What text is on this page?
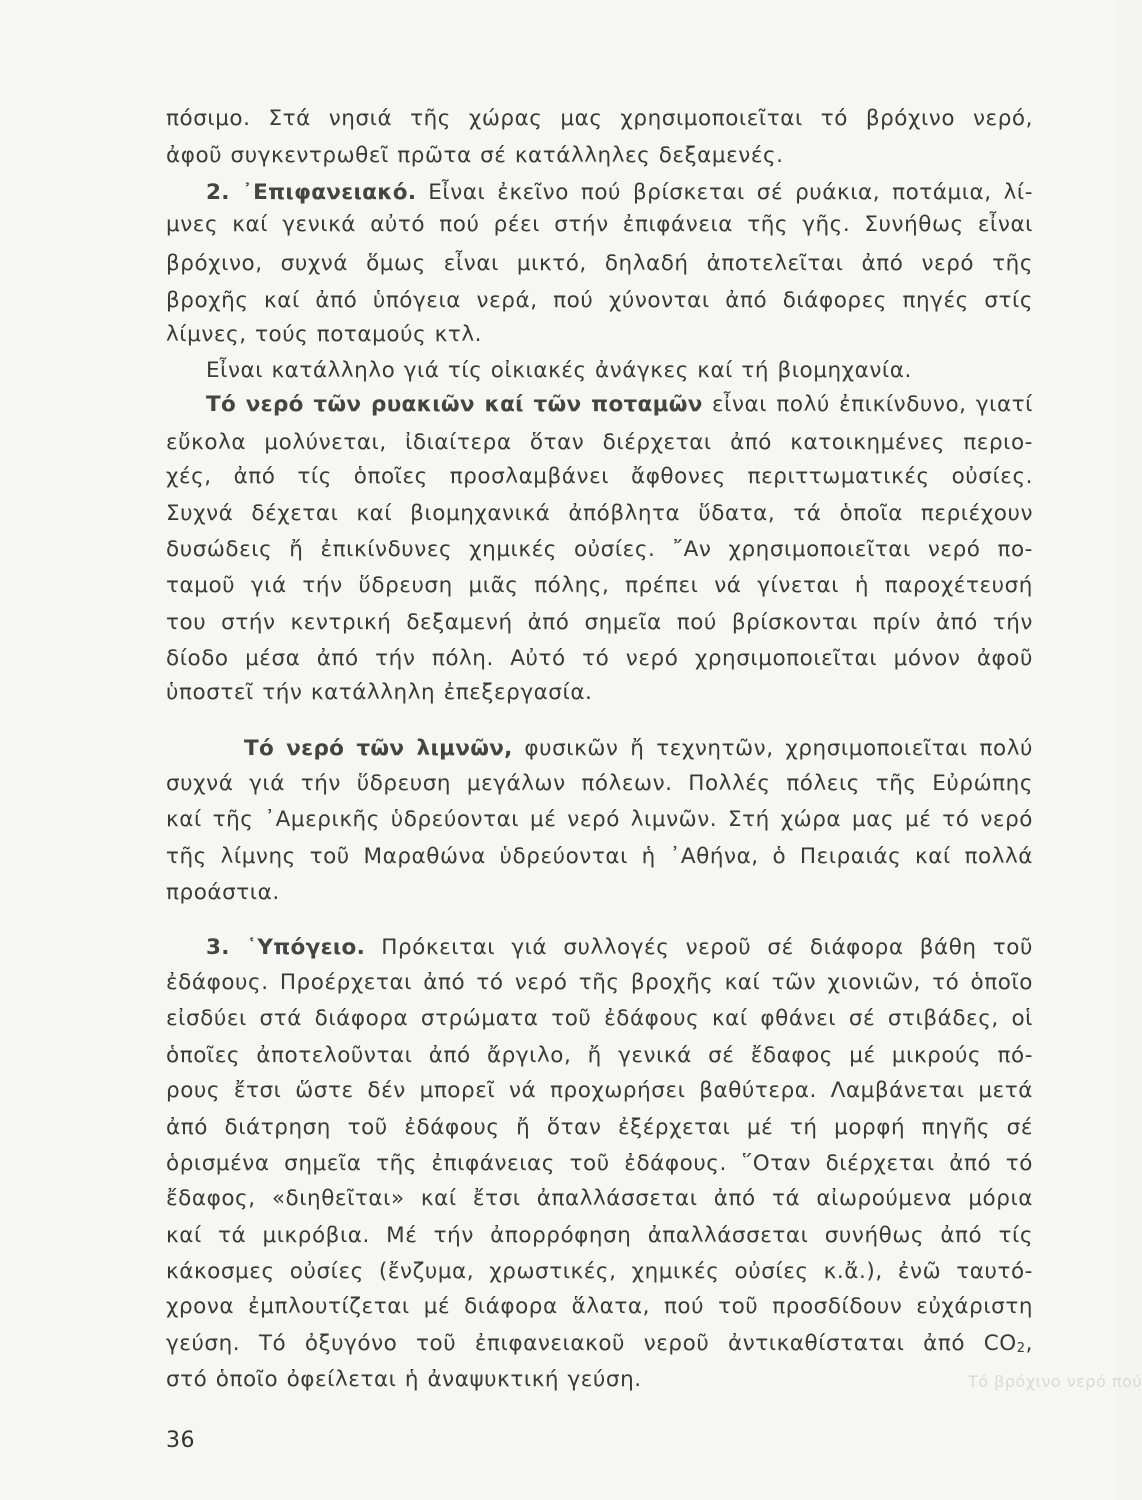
πόσιμο. Στά νησιά τῆς χώρας μας χρησιμοποιεῖται τό βρόχινο νερό,
ἀφοῦ συγκεντρωθεῖ πρῶτα σέ κατάλληλες δεξαμενές.
2. ᾽Επιφανειακό. Εἶναι ἐκεῖνο πού βρίσκεται σέ ρυάκια, ποτάμια, λί-
μνες καί γενικά αὐτό πού ρέει στήν ἐπιφάνεια τῆς γῆς. Συνήθως εἶναι
βρόχινο, συχνά ὅμως εἶναι μικτό, δηλαδή ἀποτελεῖται ἀπό νερό τῆς
βροχῆς καί ἀπό ὑπόγεια νερά, πού χύνονται ἀπό διάφορες πηγές στίς
λίμνες, τούς ποταμούς κτλ.
Εἶναι κατάλληλο γιά τίς οἰκιακές ἀνάγκες καί τή βιομηχανία.
Τό νερό τῶν ρυακιῶν καί τῶν ποταμῶν εἶναι πολύ ἐπικίνδυνο, γιατί
εὔκολα μολύνεται, ἰδιαίτερα ὅταν διέρχεται ἀπό κατοικημένες περιο-
χές, ἀπό τίς ὁποῖες προσλαμβάνει ἄφθονες περιττωματικές οὐσίες.
Συχνά δέχεται καί βιομηχανικά ἀπόβλητα ὕδατα, τά ὁποῖα περιέχουν
δυσώδεις ἤ ἐπικίνδυνες χημικές οὐσίες. ῎Αν χρησιμοποιεῖται νερό πο-
ταμοῦ γιά τήν ὕδρευση μιᾶς πόλης, πρέπει νά γίνεται ἡ παροχέτευσή
του στήν κεντρική δεξαμενή ἀπό σημεῖα πού βρίσκονται πρίν ἀπό τήν
δίοδο μέσα ἀπό τήν πόλη. Αὐτό τό νερό χρησιμοποιεῖται μόνον ἀφοῦ
ὑποστεῖ τήν κατάλληλη ἐπεξεργασία.
Τό νερό τῶν λιμνῶν, φυσικῶν ἤ τεχνητῶν, χρησιμοποιεῖται πολύ
συχνά γιά τήν ὕδρευση μεγάλων πόλεων. Πολλές πόλεις τῆς Εὐρώπης
καί τῆς ᾽Αμερικῆς ὑδρεύονται μέ νερό λιμνῶν. Στή χώρα μας μέ τό νερό
τῆς λίμνης τοῦ Μαραθώνα ὑδρεύονται ἡ ᾽Αθήνα, ὁ Πειραιάς καί πολλά
προάστια.
3. ῾Υπόγειο. Πρόκειται γιά συλλογές νεροῦ σέ διάφορα βάθη τοῦ
ἐδάφους. Προέρχεται ἀπό τό νερό τῆς βροχῆς καί τῶν χιονιῶν, τό ὁποῖο
εἰσδύει στά διάφορα στρώματα τοῦ ἐδάφους καί φθάνει σέ στιβάδες, οἱ
ὁποῖες ἀποτελοῦνται ἀπό ἄργιλο, ἤ γενικά σέ ἔδαφος μέ μικρούς πό-
ρους ἔτσι ὥστε δέν μπορεῖ νά προχωρήσει βαθύτερα. Λαμβάνεται μετά
ἀπό διάτρηση τοῦ ἐδάφους ἤ ὅταν ἐξέρχεται μέ τή μορφή πηγῆς σέ
ὁρισμένα σημεῖα τῆς ἐπιφάνειας τοῦ ἐδάφους. ῞Οταν διέρχεται ἀπό τό
ἔδαφος, «διηθεῖται» καί ἔτσι ἀπαλλάσσεται ἀπό τά αἰωρούμενα μόρια
καί τά μικρόβια. Μέ τήν ἀπορρόφηση ἀπαλλάσσεται συνήθως ἀπό τίς
κάκοσμες οὐσίες (ἔνζυμα, χρωστικές, χημικές οὐσίες κ.ἄ.), ἐνῶ ταυτό-
χρονα ἐμπλουτίζεται μέ διάφορα ἅλατα, πού τοῦ προσδίδουν εὐχάριστη
γεύση. Τό ὀξυγόνο τοῦ ἐπιφανειακοῦ νεροῦ ἀντικαθίσταται ἀπό $CO_2$,
στό ὁποῖο ὀφείλεται ἡ ἀναψυκτική γεύση.	Τό βρόχινο νερό πού
36
